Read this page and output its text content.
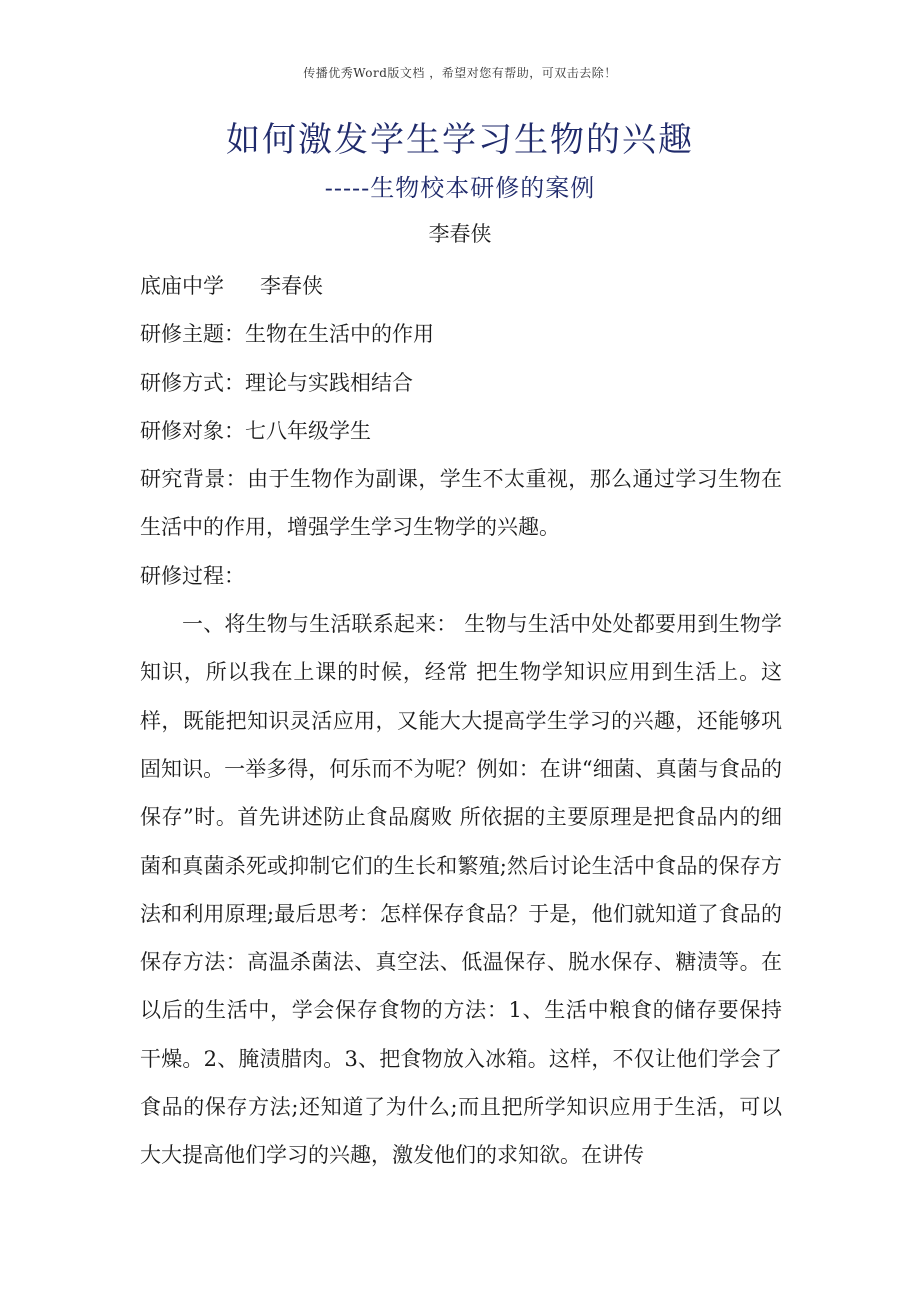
传播优秀Word版文档 ，希望对您有帮助，可双击去除！
如何激发学生学习生物的兴趣
-----生物校本研修的案例
李春侠

底庙中学 李春侠

研修主题：生物在生活中的作用

研修方式：理论与实践相结合

研修对象：七八年级学生

研究背景：由于生物作为副课，学生不太重视，那么通过学习生物在生活中的作用，增强学生学习生物学的兴趣。

研修过程：

一、将生物与生活联系起来： 生物与生活中处处都要用到生物学知识，所以我在上课的时候，经常 把生物学知识应用到生活上。这样，既能把知识灵活应用，又能大大提高学生学习的兴趣，还能够巩固知识。一举多得，何乐而不为呢？例如：在讲“细菌、真菌与食品的保存”时。首先讲述防止食品腐败 所依据的主要原理是把食品内的细菌和真菌杀死或抑制它们的生长和繁殖;然后讨论生活中食品的保存方法和利用原理;最后思考：怎样保存食品？于是，他们就知道了食品的保存方法：高温杀菌法、真空法、低温保存、脱水保存、糖渍等。在以后的生活中，学会保存食物的方法：1、生活中粮食的储存要保持干燥。2、腌渍腊肉。3、把食物放入冰箱。这样，不仅让他们学会了食品的保存方法;还知道了为什么;而且把所学知识应用于生活，可以大大提高他们学习的兴趣，激发他们的求知欲。在讲传
